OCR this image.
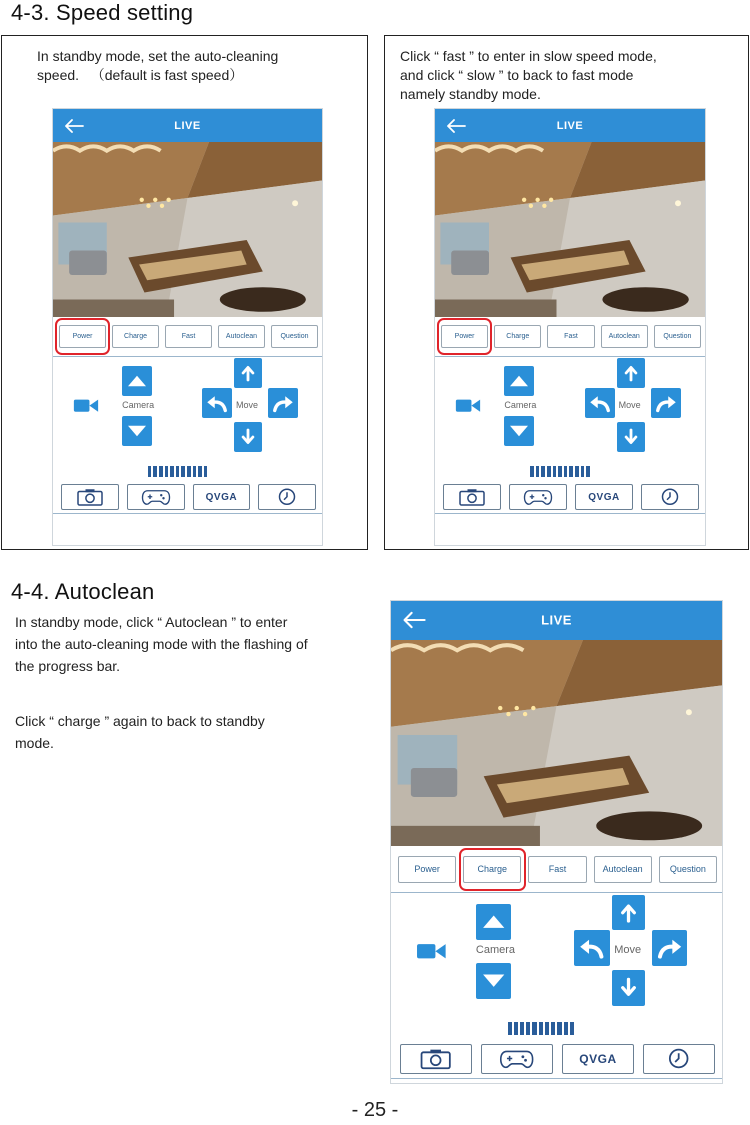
4-3. Speed setting
In standby mode, set the auto-cleaning
speed.   （default is fast speed）
LIVE
Power	Charge	Fast	Autoclean	Question
Camera	Move
QVGA
Click “ fast ” to enter in slow speed mode,
and click “ slow ” to back to fast mode
namely standby mode.
LIVE
Power	Charge	Fast	Autoclean	Question
Camera	Move
QVGA
4-4. Autoclean
In standby mode, click “ Autoclean ” to enter
into the auto-cleaning mode with the flashing of
the progress bar.
Click “ charge ” again to back to standby
mode.
LIVE
Power	Charge	Fast	Autoclean	Question
Camera	Move
QVGA
- 25 -
